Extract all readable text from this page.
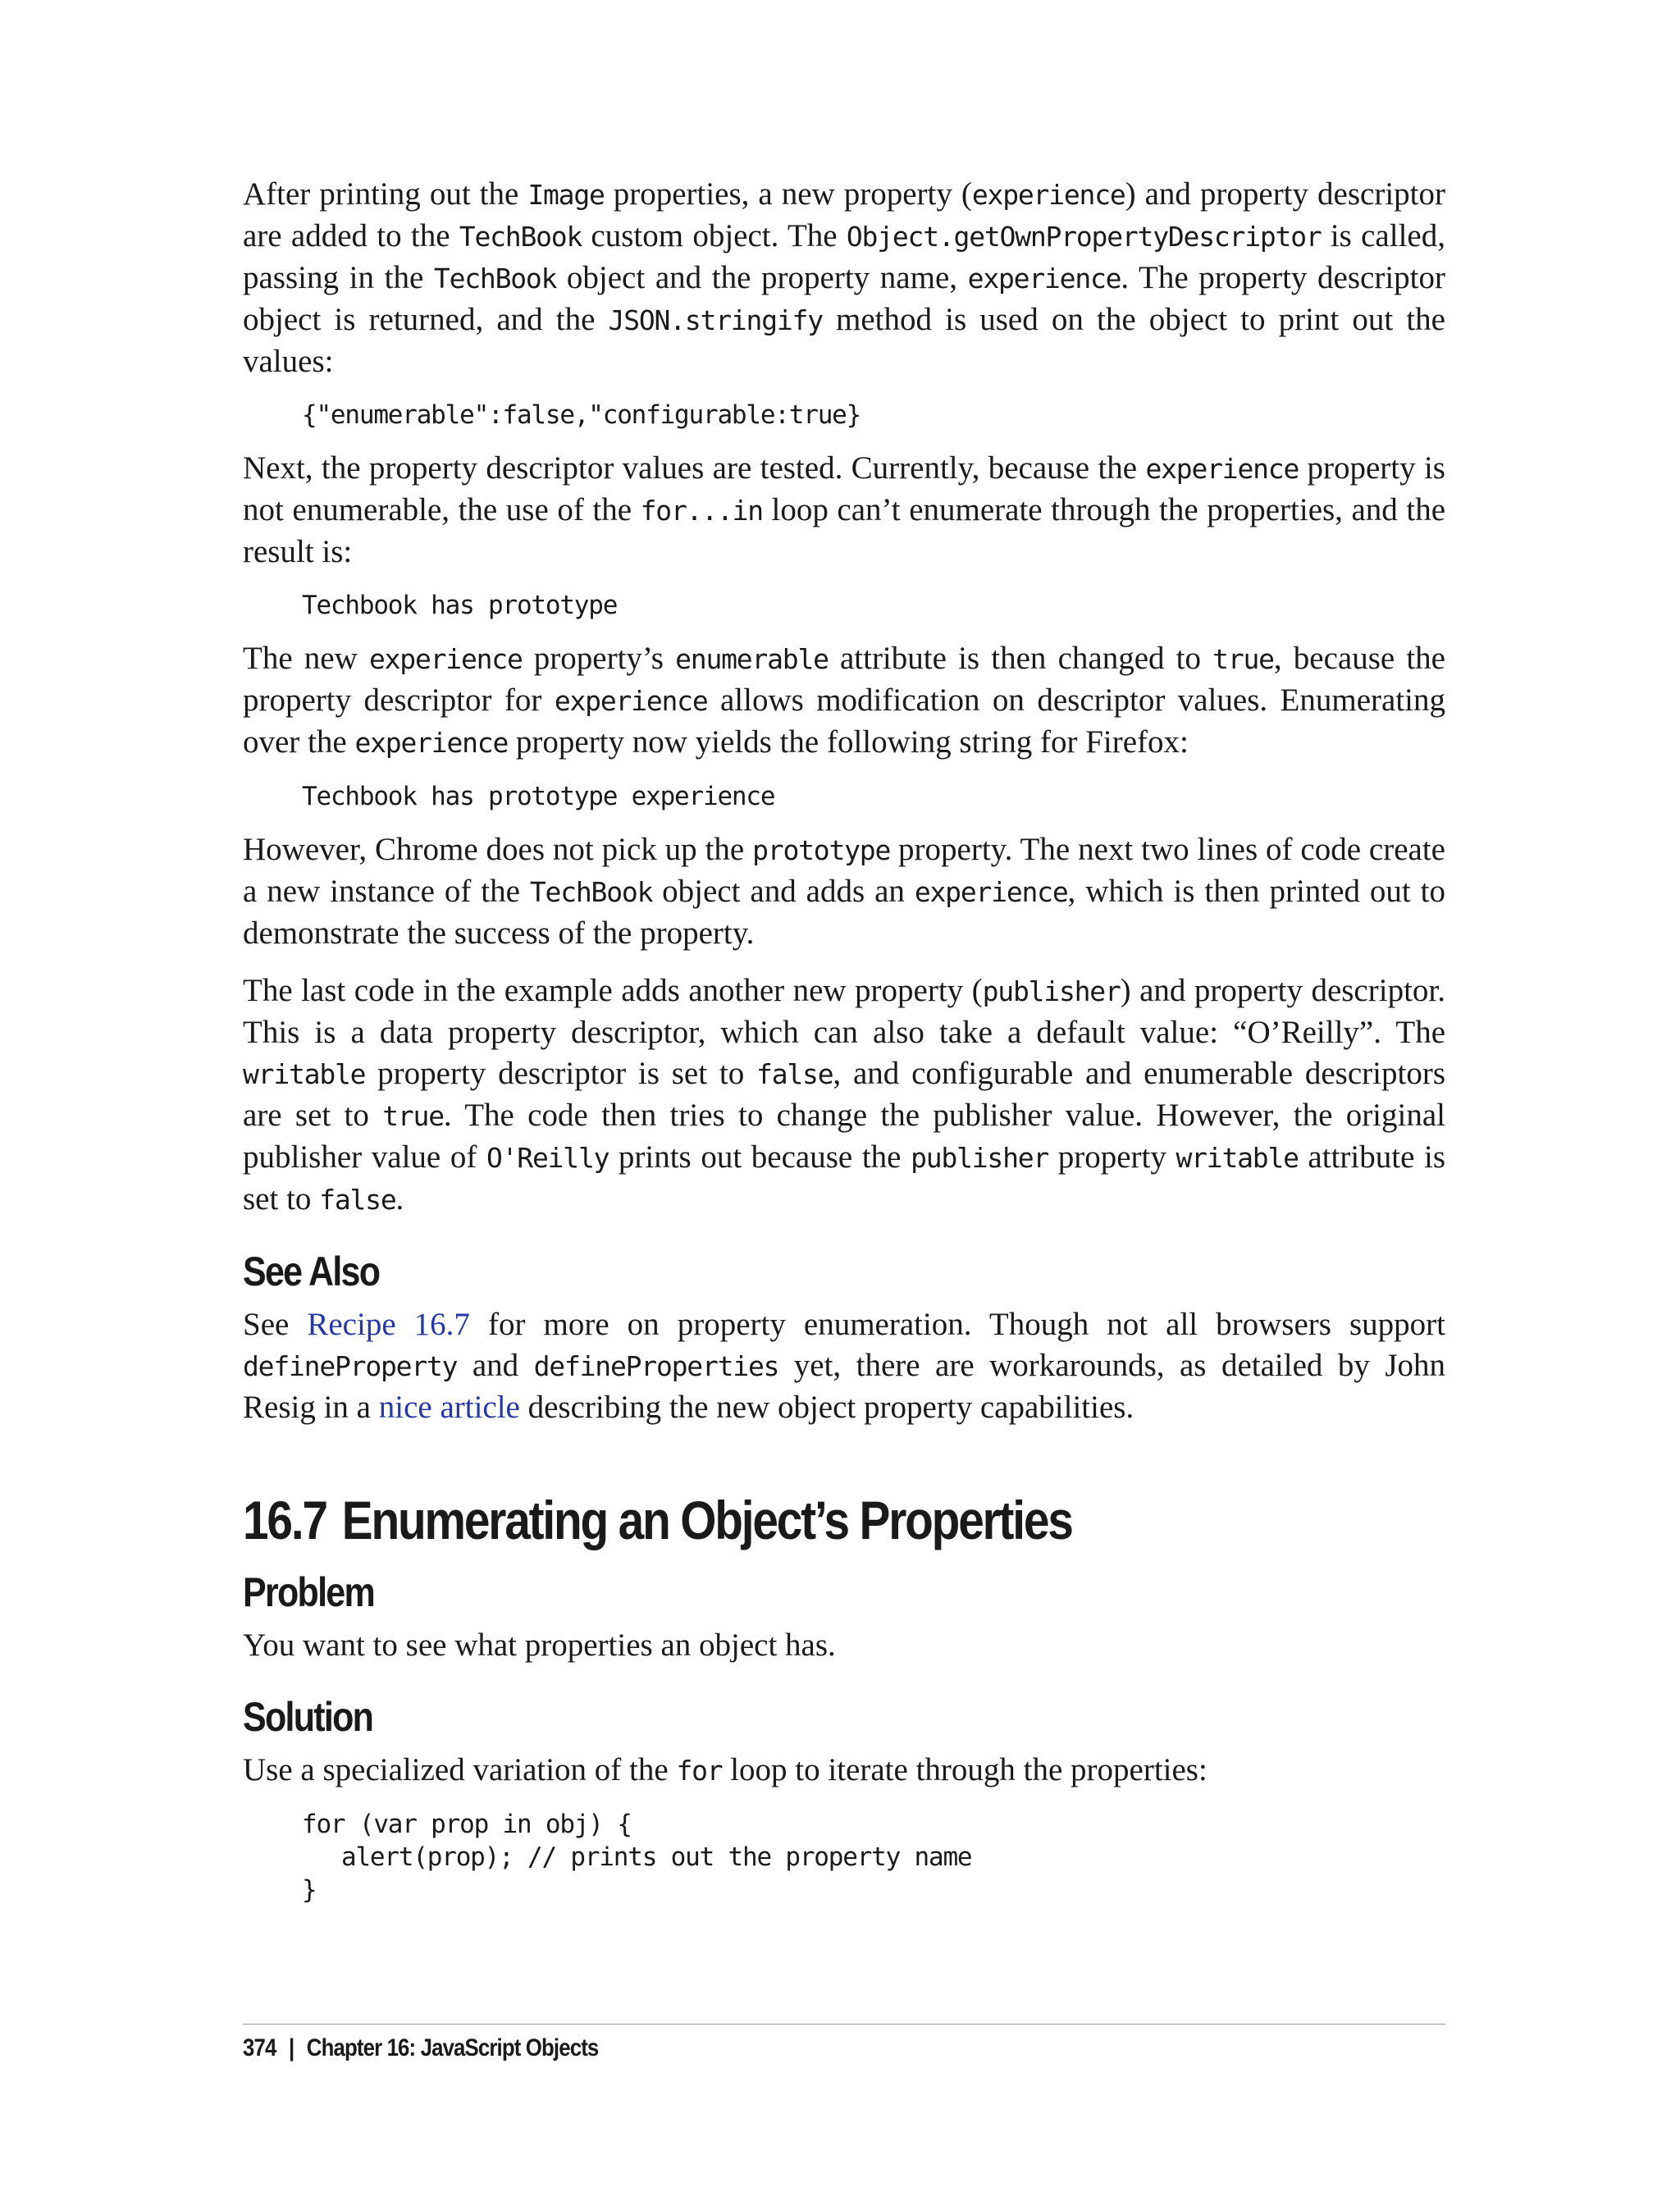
After printing out the Image properties, a new property (experience) and property descriptor are added to the TechBook custom object. The Object.getOwnPropertyDescriptor is called, passing in the TechBook object and the property name, experience. The property descriptor object is returned, and the JSON.stringify method is used on the object to print out the values:

{"enumerable":false,"configurable:true}

Next, the property descriptor values are tested. Currently, because the experience property is not enumerable, the use of the for...in loop can’t enumerate through the properties, and the result is:

Techbook has prototype

The new experience property’s enumerable attribute is then changed to true, because the property descriptor for experience allows modification on descriptor values. Enumerating over the experience property now yields the following string for Firefox:

Techbook has prototype experience

However, Chrome does not pick up the prototype property. The next two lines of code create a new instance of the TechBook object and adds an experience, which is then printed out to demonstrate the success of the property.

The last code in the example adds another new property (publisher) and property descriptor. This is a data property descriptor, which can also take a default value: “O’Reilly”. The writable property descriptor is set to false, and configurable and enumerable descriptors are set to true. The code then tries to change the publisher value. However, the original publisher value of O'Reilly prints out because the publisher property writable attribute is set to false.

See Also

See Recipe 16.7 for more on property enumeration. Though not all browsers support defineProperty and defineProperties yet, there are workarounds, as detailed by John Resig in a nice article describing the new object property capabilities.

16.7 Enumerating an Object’s Properties
Problem

You want to see what properties an object has.

Solution

Use a specialized variation of the for loop to iterate through the properties:

for (var prop in obj) {
alert(prop); // prints out the property name
}
374 | Chapter 16: JavaScript Objects
